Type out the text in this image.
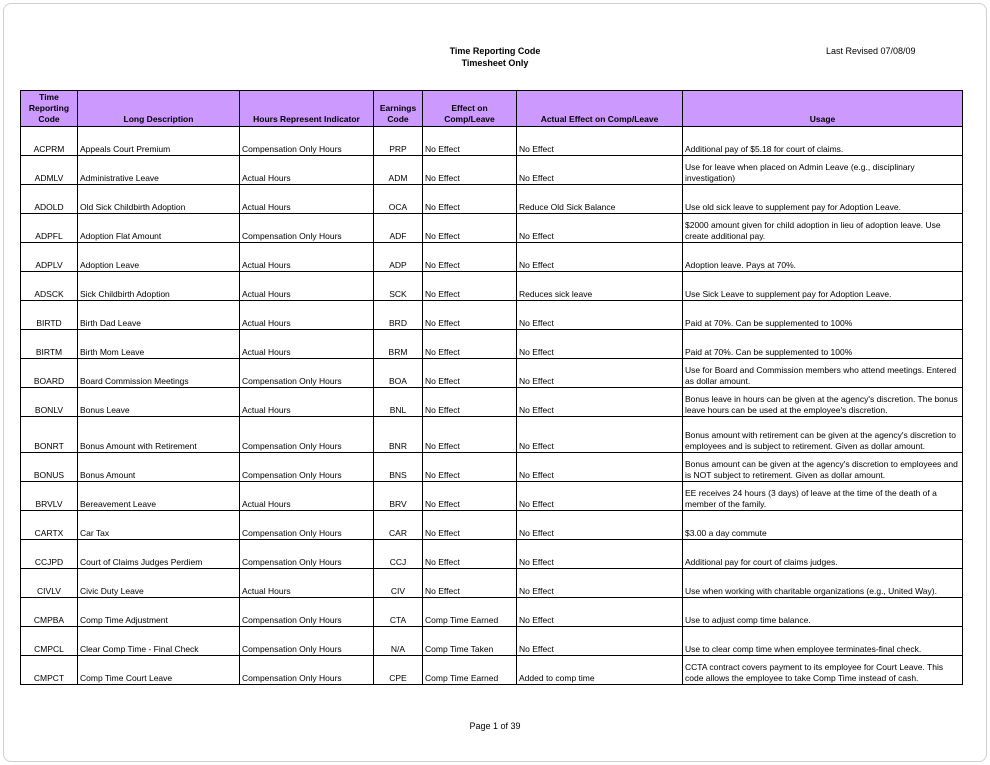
Time Reporting Code
Timesheet Only
Last Revised 07/08/09
Time Reporting Code	Long Description	Hours Represent Indicator	Earnings Code	Effect on Comp/Leave	Actual Effect on Comp/Leave	Usage
ACPRM	Appeals Court Premium	Compensation Only Hours	PRP	No Effect	No Effect	Additional pay of $5.18 for court of claims.
ADMLV	Administrative Leave	Actual Hours	ADM	No Effect	No Effect	Use for leave when placed on Admin Leave (e.g., disciplinary investigation)
ADOLD	Old Sick Childbirth Adoption	Actual Hours	OCA	No Effect	Reduce Old Sick Balance	Use old sick leave to supplement pay for Adoption Leave.
ADPFL	Adoption Flat Amount	Compensation Only Hours	ADF	No Effect	No Effect	$2000 amount given for child adoption in lieu of adoption leave. Use create additional pay.
ADPLV	Adoption Leave	Actual Hours	ADP	No Effect	No Effect	Adoption leave. Pays at 70%.
ADSCK	Sick Childbirth Adoption	Actual Hours	SCK	No Effect	Reduces sick leave	Use Sick Leave to supplement pay for Adoption Leave.
BIRTD	Birth Dad Leave	Actual Hours	BRD	No Effect	No Effect	Paid at 70%. Can be supplemented to 100%
BIRTM	Birth Mom Leave	Actual Hours	BRM	No Effect	No Effect	Paid at 70%. Can be supplemented to 100%
BOARD	Board Commission Meetings	Compensation Only Hours	BOA	No Effect	No Effect	Use for Board and Commission members who attend meetings. Entered as dollar amount.
BONLV	Bonus Leave	Actual Hours	BNL	No Effect	No Effect	Bonus leave in hours can be given at the agency's discretion. The bonus leave hours can be used at the employee's discretion.
BONRT	Bonus Amount with Retirement	Compensation Only Hours	BNR	No Effect	No Effect	Bonus amount with retirement can be given at the agency's discretion to employees and is subject to retirement. Given as dollar amount.
BONUS	Bonus Amount	Compensation Only Hours	BNS	No Effect	No Effect	Bonus amount can be given at the agency's discretion to employees and is NOT subject to retirement. Given as dollar amount.
BRVLV	Bereavement Leave	Actual Hours	BRV	No Effect	No Effect	EE receives 24 hours (3 days) of leave at the time of the death of a member of the family.
CARTX	Car Tax	Compensation Only Hours	CAR	No Effect	No Effect	$3.00 a day commute
CCJPD	Court of Claims Judges Perdiem	Compensation Only Hours	CCJ	No Effect	No Effect	Additional pay for court of claims judges.
CIVLV	Civic Duty Leave	Actual Hours	CIV	No Effect	No Effect	Use when working with charitable organizations (e.g., United Way).
CMPBA	Comp Time Adjustment	Compensation Only Hours	CTA	Comp Time Earned	No Effect	Use to adjust comp time balance.
CMPCL	Clear Comp Time - Final Check	Compensation Only Hours	N/A	Comp Time Taken	No Effect	Use to clear comp time when employee terminates-final check.
CMPCT	Comp Time Court Leave	Compensation Only Hours	CPE	Comp Time Earned	Added to comp time	CCTA contract covers payment to its employee for Court Leave. This code allows the employee to take Comp Time instead of cash.
Page 1 of 39
